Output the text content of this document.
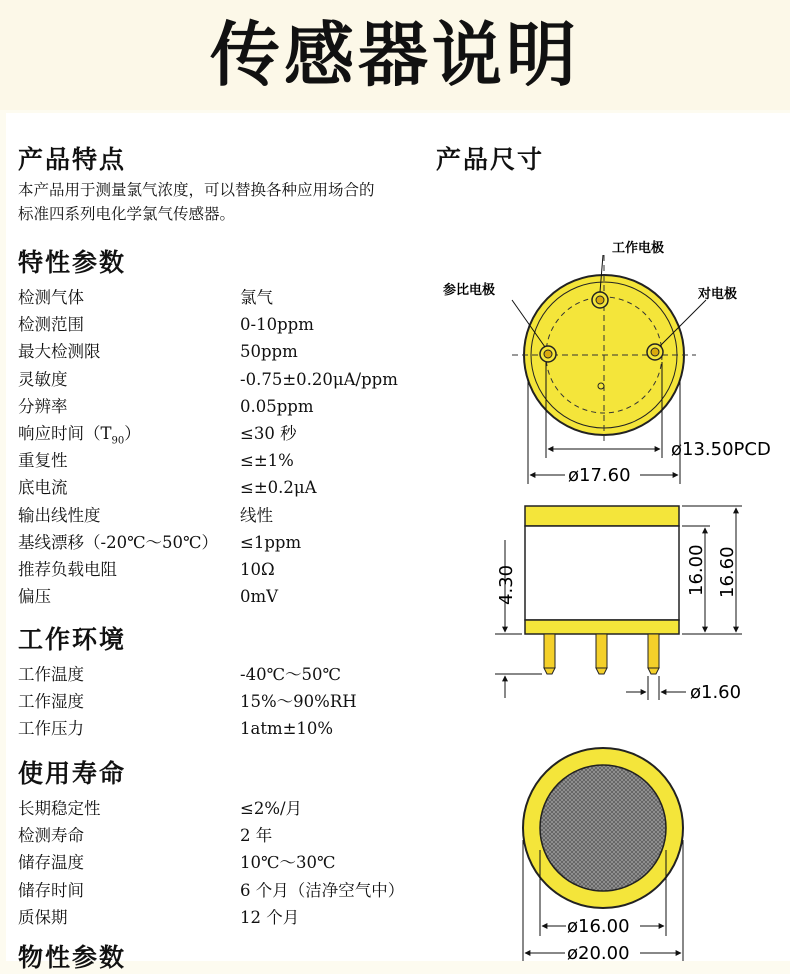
传感器说明
产品特点
本产品用于测量氯气浓度，可以替换各种应用场合的
标准四系列电化学氯气传感器。
特性参数
检测气体	氯气
检测范围	0-10ppm
最大检测限	50ppm
灵敏度	-0.75±0.20μA/ppm
分辨率	0.05ppm
响应时间$(T_{90})$	≤30 秒
重复性	≤±1%
底电流	≤±0.2μA
输出线性度	线性
基线漂移（-20℃～50℃） ≤1ppm
推荐负载电阻	10Ω
偏压	0mV
工作环境
工作温度	-40℃～50℃
工作湿度	15%～90%RH
工作压力	1atm±10%
使用寿命
长期稳定性	≤2%/月
检测寿命	2 年
储存温度	10℃～30℃
储存时间	6 个月（洁净空气中）
质保期	12 个月
物性参数
产品尺寸
工作电极
参比电极	对电极
ø13.50PCD
ø17.60
16.00 16.60
4.30
ø1.60
ø16.00
ø20.00
